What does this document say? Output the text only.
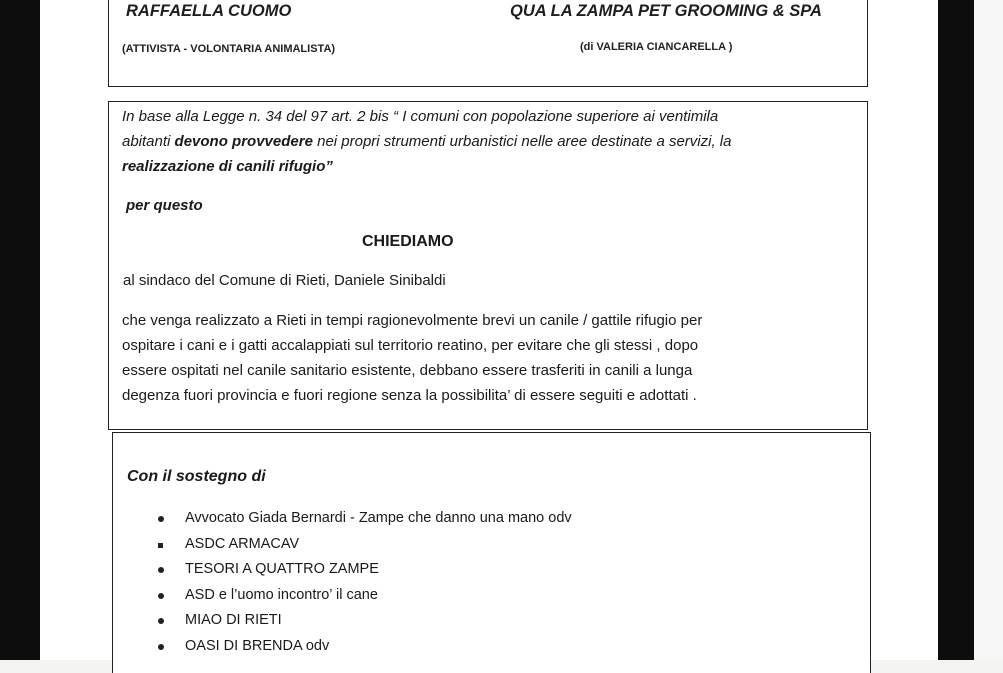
RAFFAELLA CUOMO
(ATTIVISTA - VOLONTARIA ANIMALISTA)
QUA LA ZAMPA PET GROOMING & SPA
(di VALERIA CIANCARELLA )
In base alla Legge n. 34 del 97 art. 2 bis “ I comuni con popolazione superiore ai ventimila
abitanti devono provvedere nei propri strumenti urbanistici nelle aree destinate a servizi, la
realizzazione di canili rifugio”
per questo
CHIEDIAMO
al sindaco del Comune di Rieti, Daniele Sinibaldi
che venga realizzato a Rieti in tempi ragionevolmente brevi un canile / gattile rifugio per
ospitare i cani e i gatti accalappiati sul territorio reatino, per evitare che gli stessi , dopo
essere ospitati nel canile sanitario esistente, debbano essere trasferiti in canili a lunga
degenza fuori provincia e fuori regione senza la possibilita’ di essere seguiti e adottati .
Con il sostegno di
Avvocato Giada Bernardi - Zampe che danno una mano odv
ASDC ARMACAV
TESORI A QUATTRO ZAMPE
ASD e l’uomo incontro’ il cane
MIAO DI RIETI
OASI DI BRENDA odv
